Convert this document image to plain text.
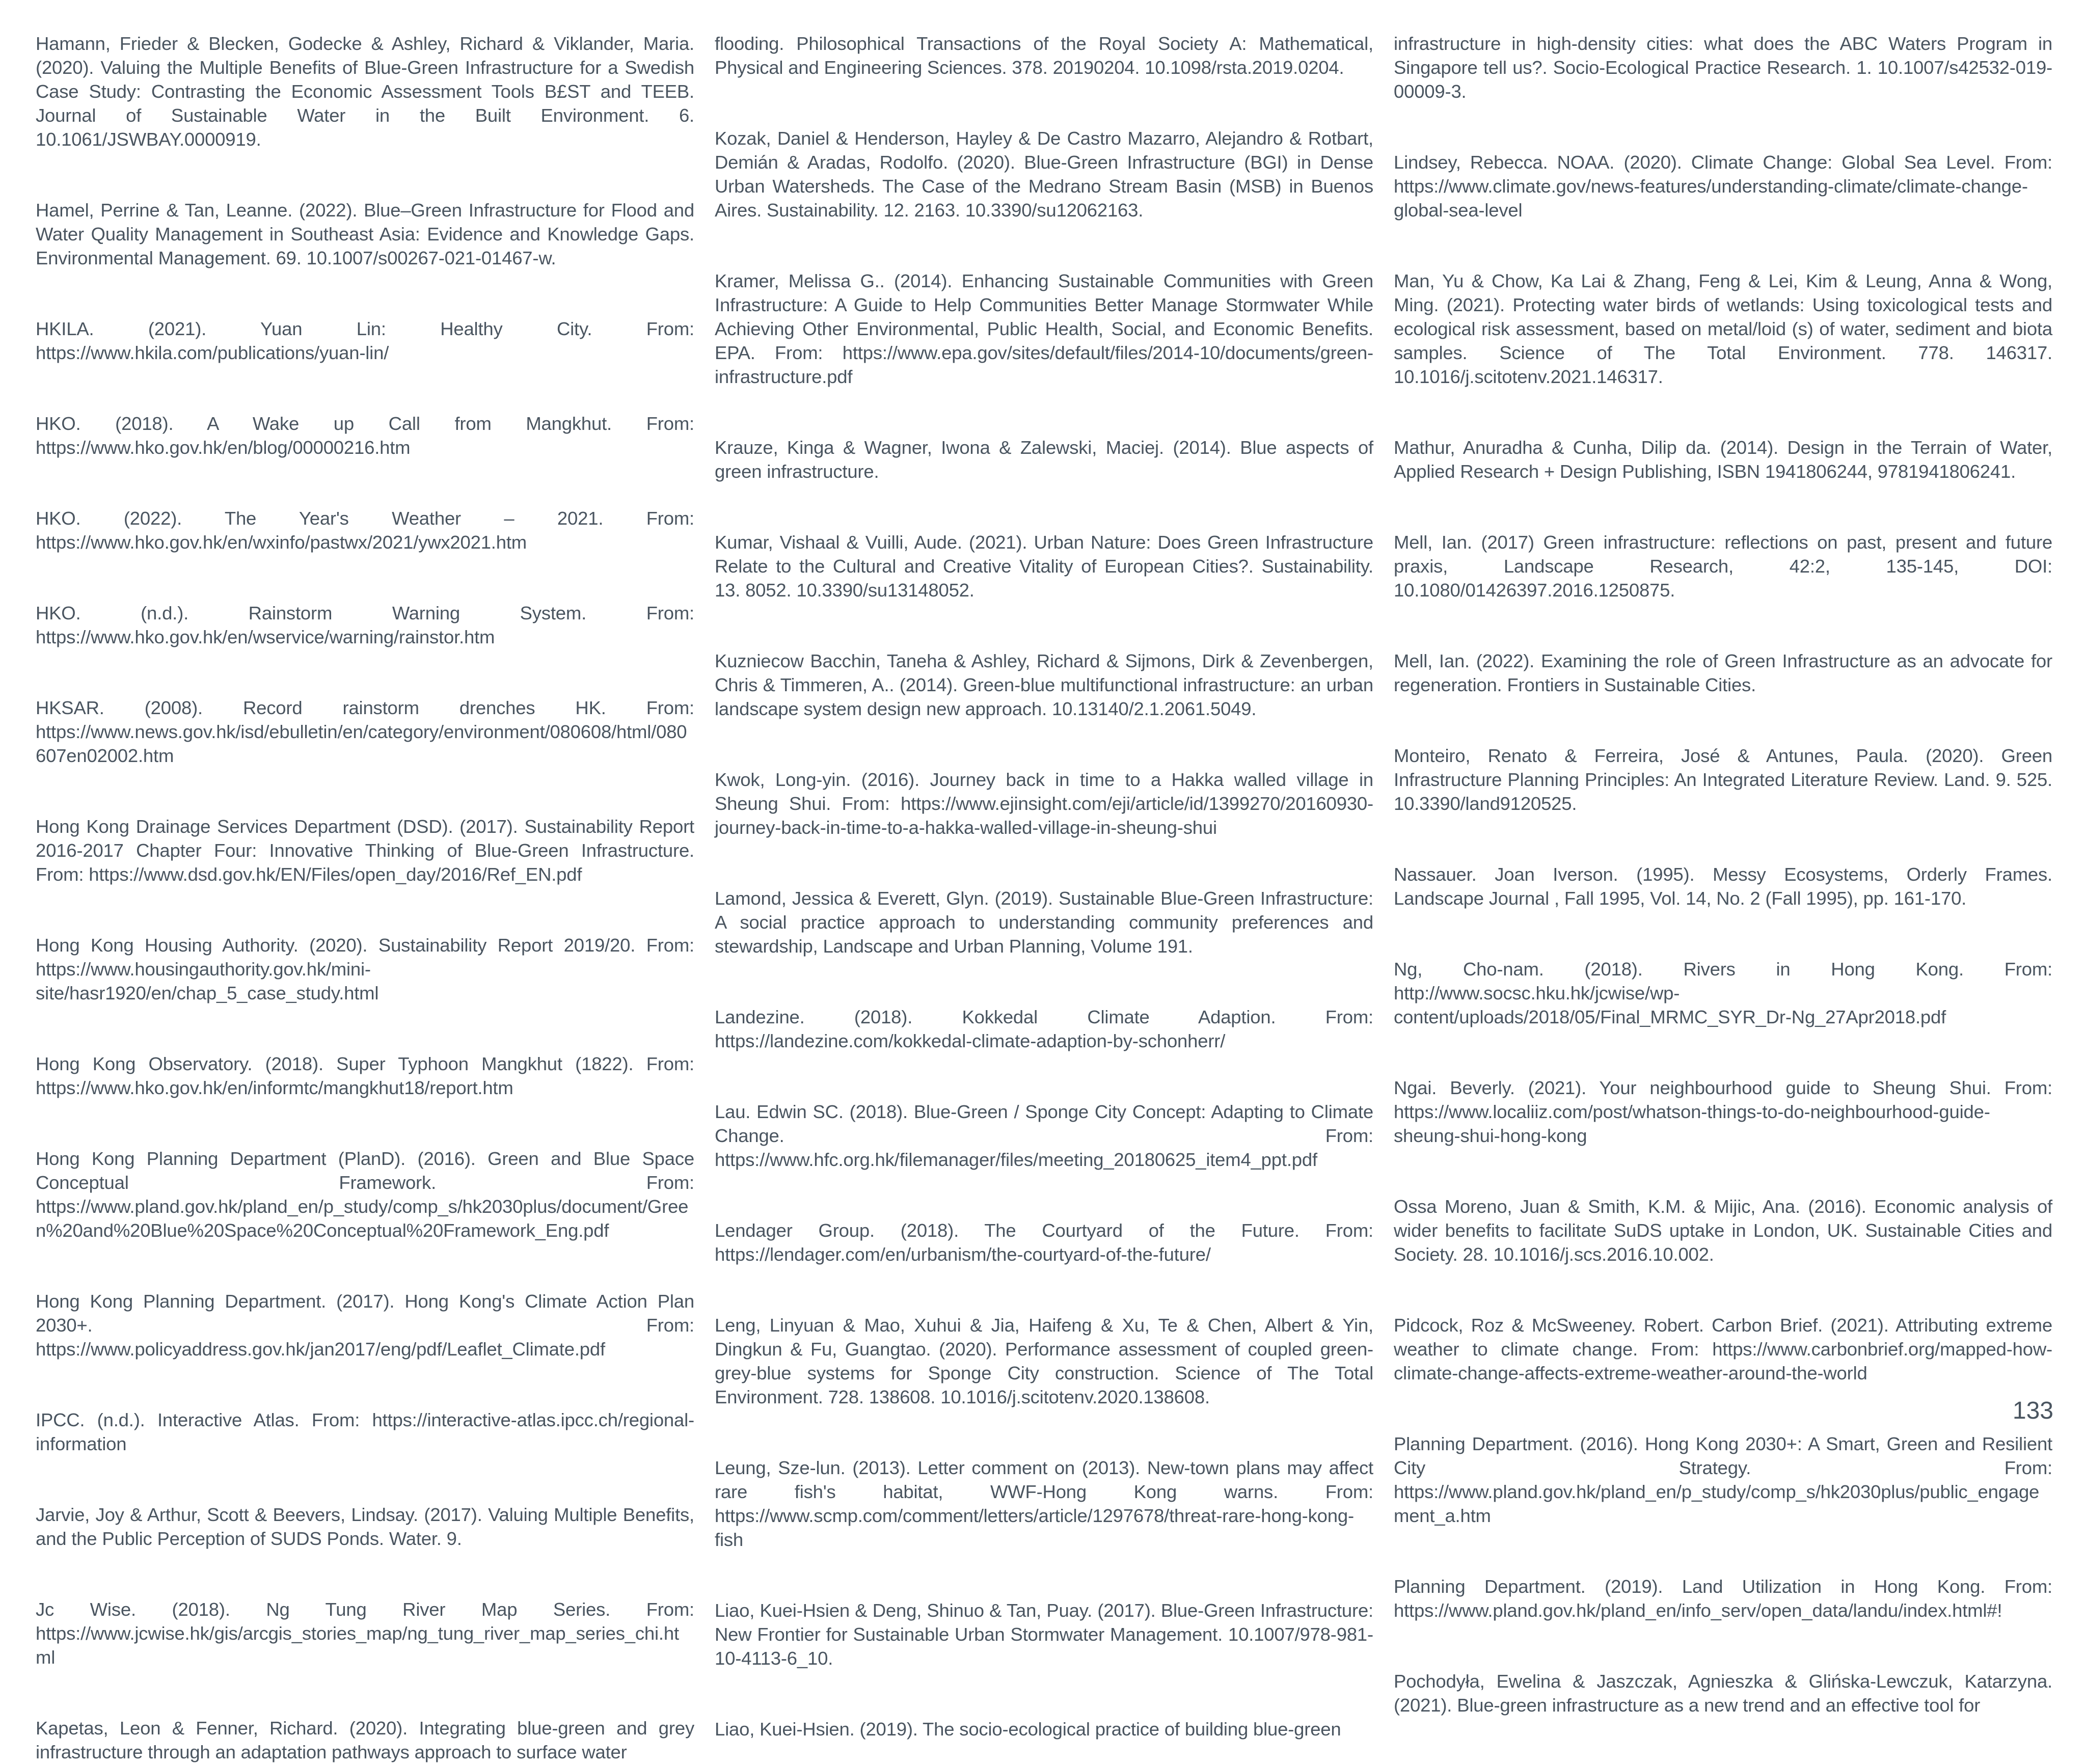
Hamann, Frieder & Blecken, Godecke & Ashley, Richard & Viklander, Maria. (2020). Valuing the Multiple Benefits of Blue-Green Infrastructure for a Swedish Case Study: Contrasting the Economic Assessment Tools B£ST and TEEB. Journal of Sustainable Water in the Built Environment. 6. 10.1061/JSWBAY.0000919.

Hamel, Perrine & Tan, Leanne. (2022). Blue–Green Infrastructure for Flood and Water Quality Management in Southeast Asia: Evidence and Knowledge Gaps. Environmental Management. 69. 10.1007/s00267-021-01467-w.

HKILA. (2021). Yuan Lin: Healthy City. From: https://www.hkila.com/publications/yuan-lin/

HKO. (2018). A Wake up Call from Mangkhut. From: https://www.hko.gov.hk/en/blog/00000216.htm

HKO. (2022). The Year's Weather – 2021. From: https://www.hko.gov.hk/en/wxinfo/pastwx/2021/ywx2021.htm

HKO. (n.d.). Rainstorm Warning System. From: https://www.hko.gov.hk/en/wservice/warning/rainstor.htm

HKSAR. (2008). Record rainstorm drenches HK. From: https://www.news.gov.hk/isd/ebulletin/en/category/environment/080608/html/080607en02002.htm

Hong Kong Drainage Services Department (DSD). (2017). Sustainability Report 2016-2017 Chapter Four: Innovative Thinking of Blue-Green Infrastructure. From: https://www.dsd.gov.hk/EN/Files/open_day/2016/Ref_EN.pdf

Hong Kong Housing Authority. (2020). Sustainability Report 2019/20. From: https://www.housingauthority.gov.hk/mini-site/hasr1920/en/chap_5_case_study.html

Hong Kong Observatory. (2018). Super Typhoon Mangkhut (1822). From: https://www.hko.gov.hk/en/informtc/mangkhut18/report.htm

Hong Kong Planning Department (PlanD). (2016). Green and Blue Space Conceptual Framework. From: https://www.pland.gov.hk/pland_en/p_study/comp_s/hk2030plus/document/Green%20and%20Blue%20Space%20Conceptual%20Framework_Eng.pdf

Hong Kong Planning Department. (2017). Hong Kong's Climate Action Plan 2030+. From: https://www.policyaddress.gov.hk/jan2017/eng/pdf/Leaflet_Climate.pdf

IPCC. (n.d.). Interactive Atlas. From: https://interactive-atlas.ipcc.ch/regional-information

Jarvie, Joy & Arthur, Scott & Beevers, Lindsay. (2017). Valuing Multiple Benefits, and the Public Perception of SUDS Ponds. Water. 9.

Jc Wise. (2018). Ng Tung River Map Series. From: https://www.jcwise.hk/gis/arcgis_stories_map/ng_tung_river_map_series_chi.html

Kapetas, Leon & Fenner, Richard. (2020). Integrating blue-green and grey infrastructure through an adaptation pathways approach to surface water

flooding. Philosophical Transactions of the Royal Society A: Mathematical, Physical and Engineering Sciences. 378. 20190204. 10.1098/rsta.2019.0204.

Kozak, Daniel & Henderson, Hayley & De Castro Mazarro, Alejandro & Rotbart, Demián & Aradas, Rodolfo. (2020). Blue-Green Infrastructure (BGI) in Dense Urban Watersheds. The Case of the Medrano Stream Basin (MSB) in Buenos Aires. Sustainability. 12. 2163. 10.3390/su12062163.

Kramer, Melissa G.. (2014). Enhancing Sustainable Communities with Green Infrastructure: A Guide to Help Communities Better Manage Stormwater While Achieving Other Environmental, Public Health, Social, and Economic Benefits. EPA. From: https://www.epa.gov/sites/default/files/2014-10/documents/green-infrastructure.pdf

Krauze, Kinga & Wagner, Iwona & Zalewski, Maciej. (2014). Blue aspects of green infrastructure.

Kumar, Vishaal & Vuilli, Aude. (2021). Urban Nature: Does Green Infrastructure Relate to the Cultural and Creative Vitality of European Cities?. Sustainability. 13. 8052. 10.3390/su13148052.

Kuzniecow Bacchin, Taneha & Ashley, Richard & Sijmons, Dirk & Zevenbergen, Chris & Timmeren, A.. (2014). Green-blue multifunctional infrastructure: an urban landscape system design new approach. 10.13140/2.1.2061.5049.

Kwok, Long-yin. (2016). Journey back in time to a Hakka walled village in Sheung Shui. From: https://www.ejinsight.com/eji/article/id/1399270/20160930-journey-back-in-time-to-a-hakka-walled-village-in-sheung-shui

Lamond, Jessica & Everett, Glyn. (2019). Sustainable Blue-Green Infrastructure: A social practice approach to understanding community preferences and stewardship, Landscape and Urban Planning, Volume 191.

Landezine. (2018). Kokkedal Climate Adaption. From: https://landezine.com/kokkedal-climate-adaption-by-schonherr/

Lau. Edwin SC. (2018). Blue-Green / Sponge City Concept: Adapting to Climate Change. From: https://www.hfc.org.hk/filemanager/files/meeting_20180625_item4_ppt.pdf

Lendager Group. (2018). The Courtyard of the Future. From: https://lendager.com/en/urbanism/the-courtyard-of-the-future/

Leng, Linyuan & Mao, Xuhui & Jia, Haifeng & Xu, Te & Chen, Albert & Yin, Dingkun & Fu, Guangtao. (2020). Performance assessment of coupled green-grey-blue systems for Sponge City construction. Science of The Total Environment. 728. 138608. 10.1016/j.scitotenv.2020.138608.

Leung, Sze-lun. (2013). Letter comment on (2013). New-town plans may affect rare fish's habitat, WWF-Hong Kong warns. From: https://www.scmp.com/comment/letters/article/1297678/threat-rare-hong-kong-fish

Liao, Kuei-Hsien & Deng, Shinuo & Tan, Puay. (2017). Blue-Green Infrastructure: New Frontier for Sustainable Urban Stormwater Management. 10.1007/978-981-10-4113-6_10.

Liao, Kuei-Hsien. (2019). The socio-ecological practice of building blue-green

infrastructure in high-density cities: what does the ABC Waters Program in Singapore tell us?. Socio-Ecological Practice Research. 1. 10.1007/s42532-019-00009-3.

Lindsey, Rebecca. NOAA. (2020). Climate Change: Global Sea Level. From: https://www.climate.gov/news-features/understanding-climate/climate-change-global-sea-level

Man, Yu & Chow, Ka Lai & Zhang, Feng & Lei, Kim & Leung, Anna & Wong, Ming. (2021). Protecting water birds of wetlands: Using toxicological tests and ecological risk assessment, based on metal/loid (s) of water, sediment and biota samples. Science of The Total Environment. 778. 146317. 10.1016/j.scitotenv.2021.146317.

Mathur, Anuradha & Cunha, Dilip da. (2014). Design in the Terrain of Water, Applied Research + Design Publishing, ISBN 1941806244, 9781941806241.

Mell, Ian. (2017) Green infrastructure: reflections on past, present and future praxis, Landscape Research, 42:2, 135-145, DOI: 10.1080/01426397.2016.1250875.

Mell, Ian. (2022). Examining the role of Green Infrastructure as an advocate for regeneration. Frontiers in Sustainable Cities.

Monteiro, Renato & Ferreira, José & Antunes, Paula. (2020). Green Infrastructure Planning Principles: An Integrated Literature Review. Land. 9. 525. 10.3390/land9120525.

Nassauer. Joan Iverson. (1995). Messy Ecosystems, Orderly Frames. Landscape Journal , Fall 1995, Vol. 14, No. 2 (Fall 1995), pp. 161-170.

Ng, Cho-nam. (2018). Rivers in Hong Kong. From: http://www.socsc.hku.hk/jcwise/wp-content/uploads/2018/05/Final_MRMC_SYR_Dr-Ng_27Apr2018.pdf

Ngai. Beverly. (2021). Your neighbourhood guide to Sheung Shui. From: https://www.localiiz.com/post/whatson-things-to-do-neighbourhood-guide-sheung-shui-hong-kong

Ossa Moreno, Juan & Smith, K.M. & Mijic, Ana. (2016). Economic analysis of wider benefits to facilitate SuDS uptake in London, UK. Sustainable Cities and Society. 28. 10.1016/j.scs.2016.10.002.

Pidcock, Roz & McSweeney. Robert. Carbon Brief. (2021). Attributing extreme weather to climate change. From: https://www.carbonbrief.org/mapped-how-climate-change-affects-extreme-weather-around-the-world

Planning Department. (2016). Hong Kong 2030+: A Smart, Green and Resilient City Strategy. From: https://www.pland.gov.hk/pland_en/p_study/comp_s/hk2030plus/public_engagement_a.htm

Planning Department. (2019). Land Utilization in Hong Kong. From: https://www.pland.gov.hk/pland_en/info_serv/open_data/landu/index.html#!

Pochodyła, Ewelina & Jaszczak, Agnieszka & Glińska-Lewczuk, Katarzyna. (2021). Blue-green infrastructure as a new trend and an effective tool for

133
